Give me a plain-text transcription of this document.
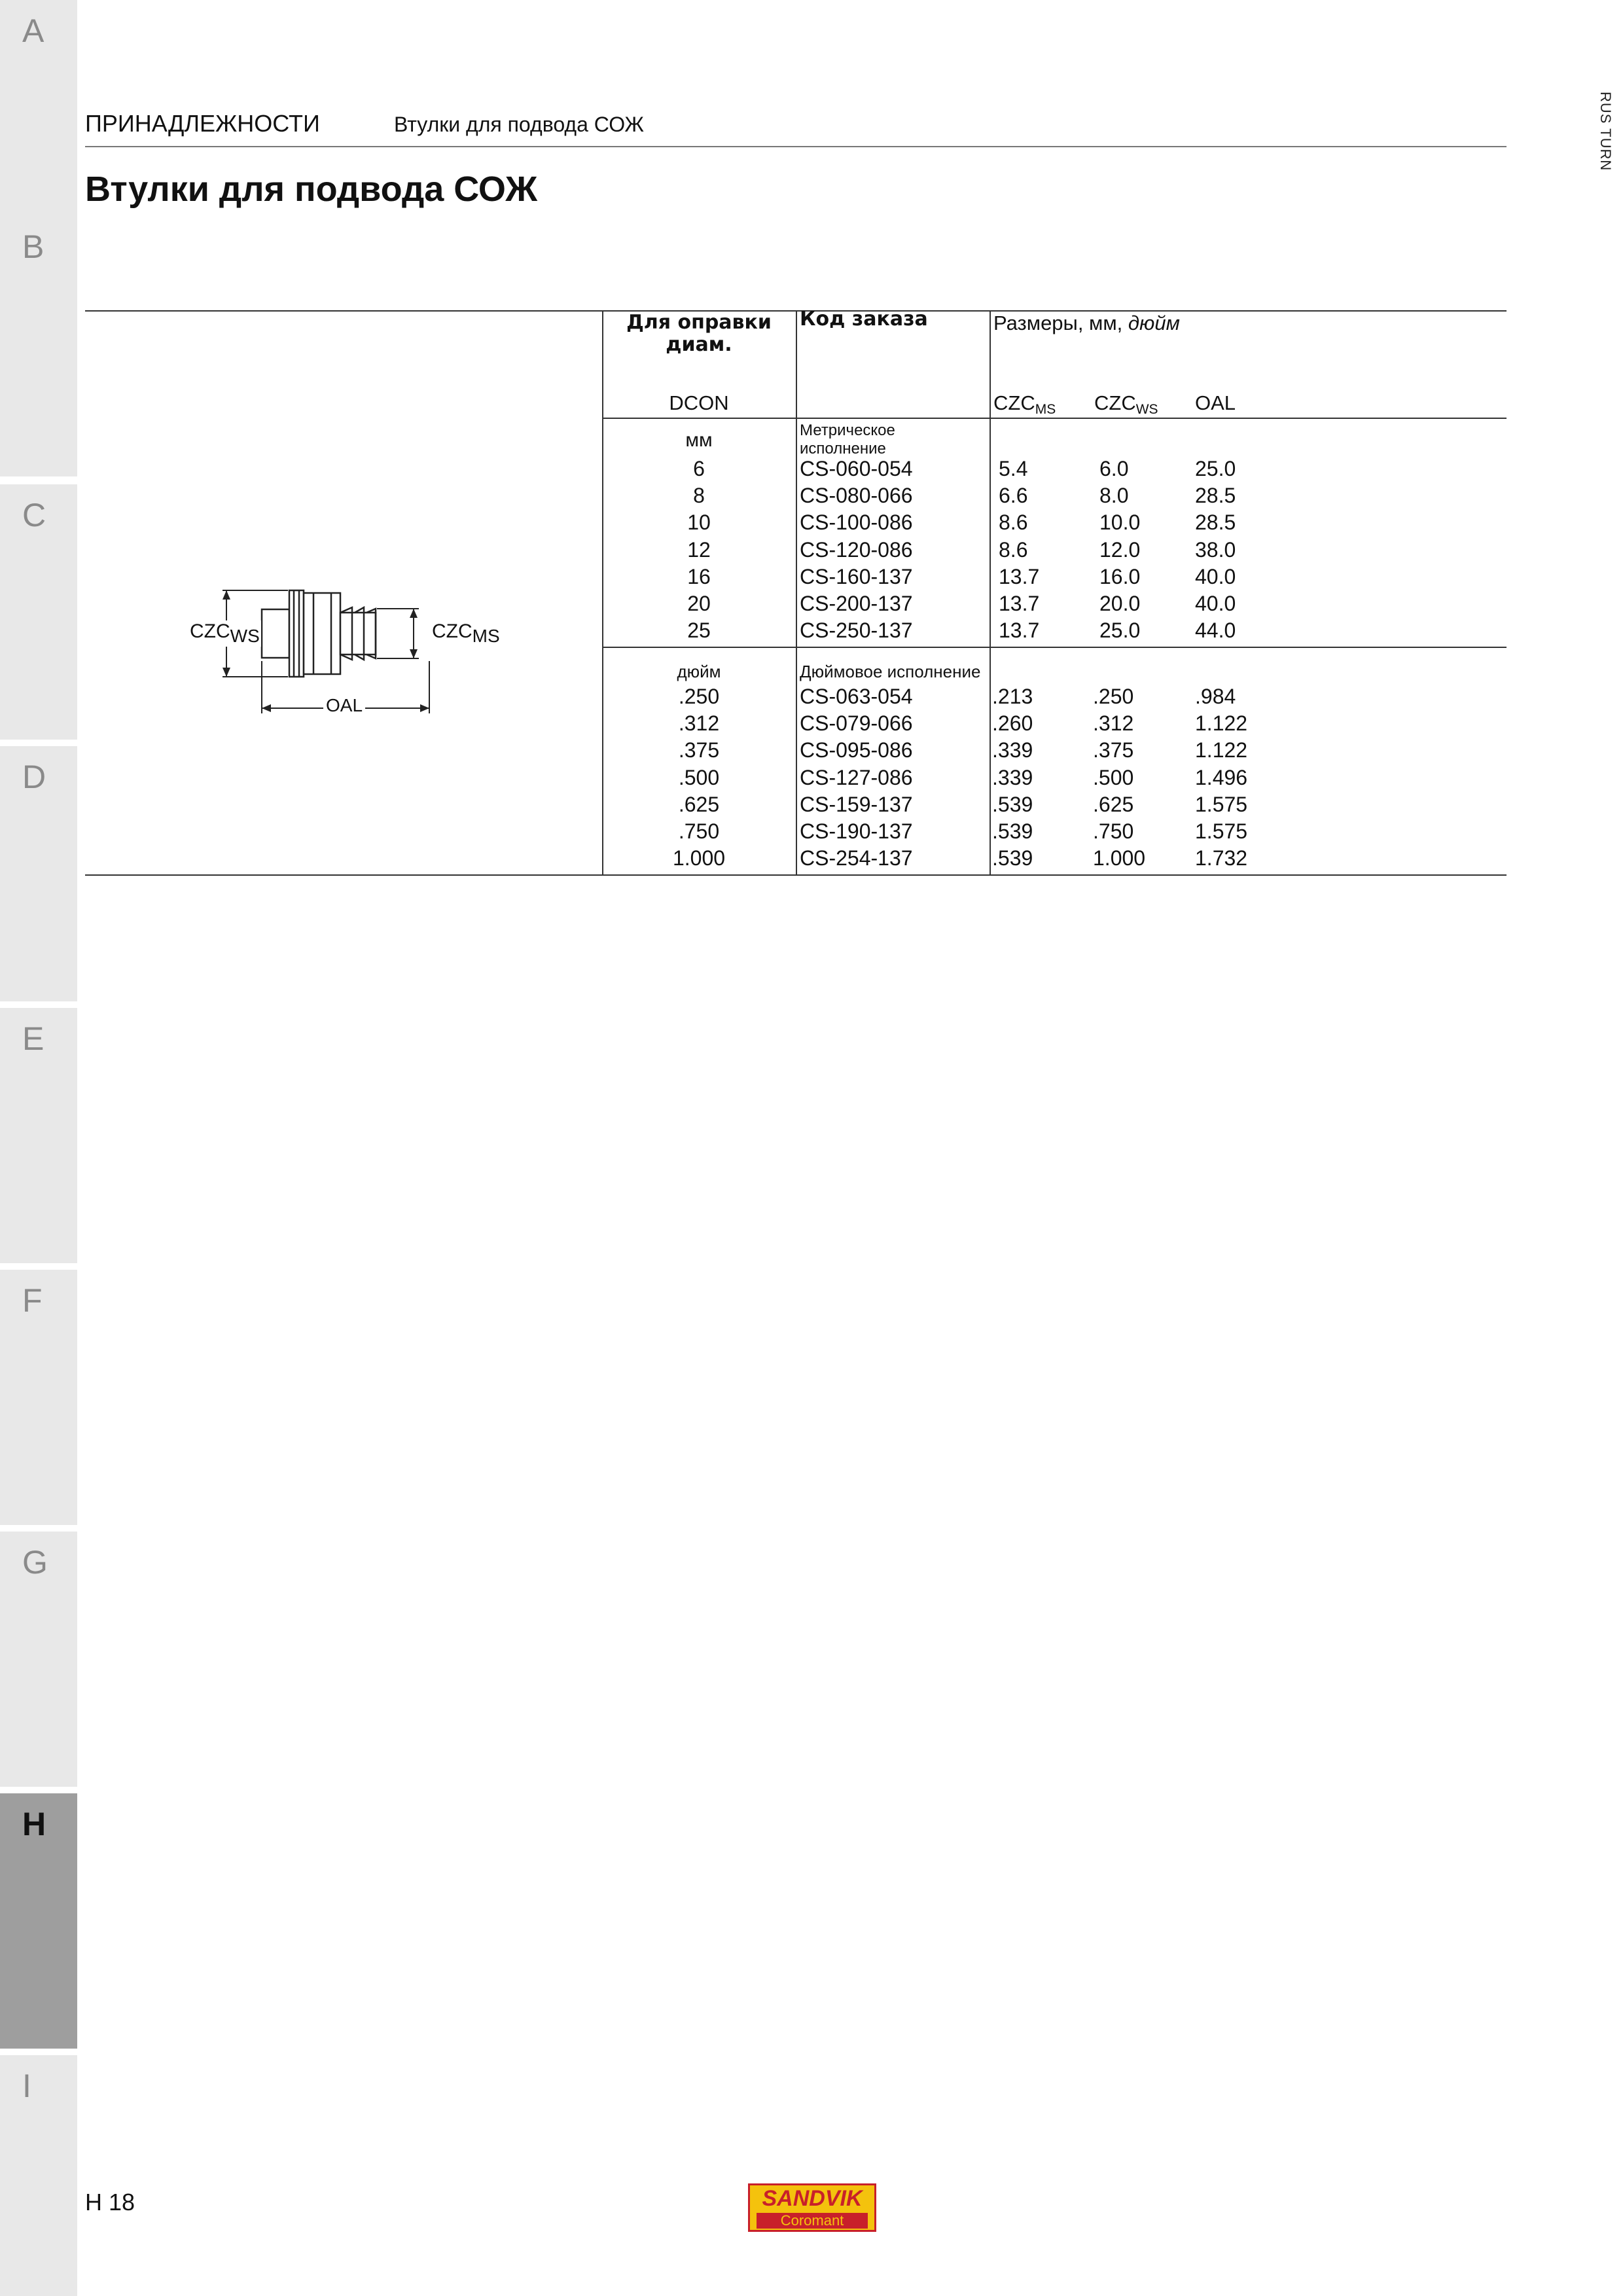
A
B
C
D
E
F
G
H
I
RUS TURN
ПРИНАДЛЕЖНОСТИ	Втулки для подвода СОЖ
Втулки для подвода СОЖ
$CZC_{WS}$	$CZC_{MS}$
OAL
Для оправки диам.
DCON
Код заказа	Размеры, мм, дюйм
$CZC_{MS}$ $CZC_{WS}$ OAL
мм	Метрическое исполнение
6	CS-060-054	5.4	6.0	25.0
8	CS-080-066	6.6	8.0	28.5
10	CS-100-086	8.6	10.0	28.5
12	CS-120-086	8.6	12.0	38.0
16	CS-160-137	13.7	16.0	40.0
20	CS-200-137	13.7	20.0	40.0
25	CS-250-137	13.7	25.0	44.0
дюйм	Дюймовое исполнение
.250	CS-063-054	.213	.250	.984
.312	CS-079-066	.260	.312	1.122
.375	CS-095-086	.339	.375	1.122
.500	CS-127-086	.339	.500	1.496
.625	CS-159-137	.539	.625	1.575
.750	CS-190-137	.539	.750	1.575
1.000	CS-254-137	.539	1.000 1.732
H 18	SANDVIK
Coromant
